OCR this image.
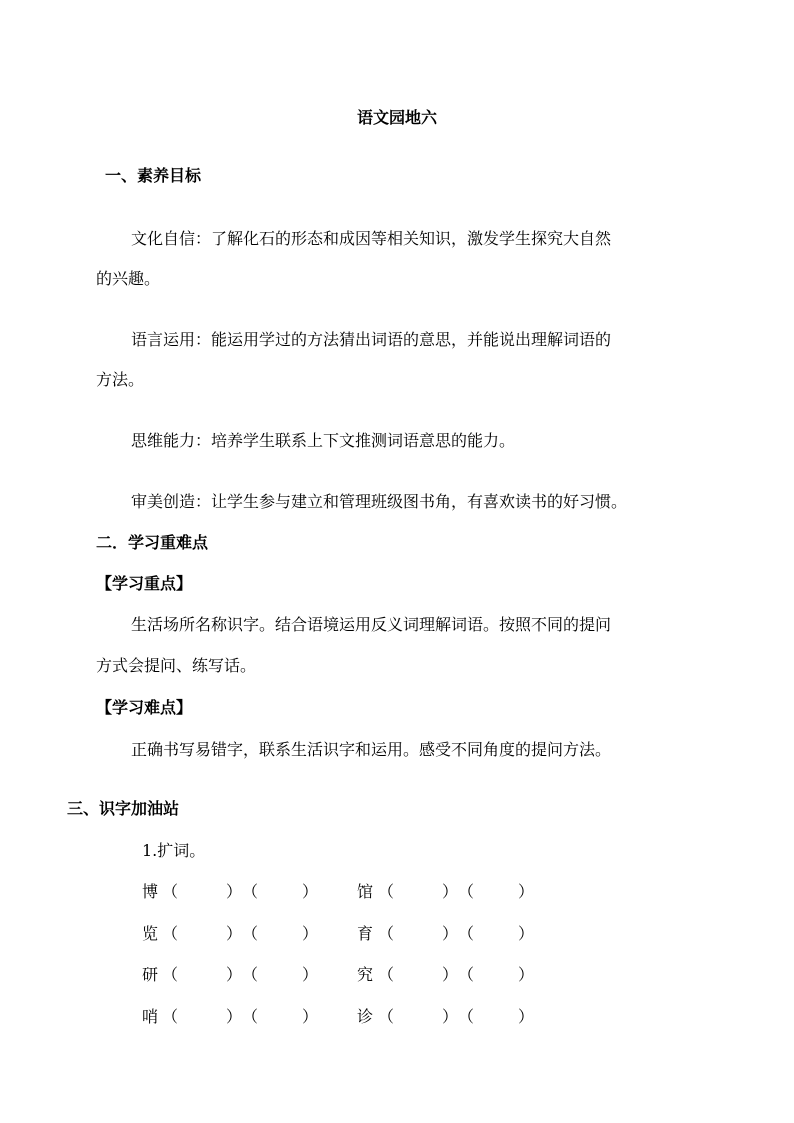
语文园地六
一、素养目标
文化自信：了解化石的形态和成因等相关知识，激发学生探究大自然
的兴趣。
语言运用：能运用学过的方法猜出词语的意思，并能说出理解词语的
方法。
思维能力：培养学生联系上下文推测词语意思的能力。
审美创造：让学生参与建立和管理班级图书角，有喜欢读书的好习惯。
二．学习重难点
【学习重点】
生活场所名称识字。结合语境运用反义词理解词语。按照不同的提问
方式会提问、练写话。
【学习难点】
正确书写易错字，联系生活识字和运用。感受不同角度的提问方法。
三、识字加油站
1.扩词。
博 （	） （	） 馆 （	） （	）
览 （	） （	） 育 （	） （	）
研 （	） （	） 究 （	） （	）
哨 （	） （	） 诊 （	） （	）
